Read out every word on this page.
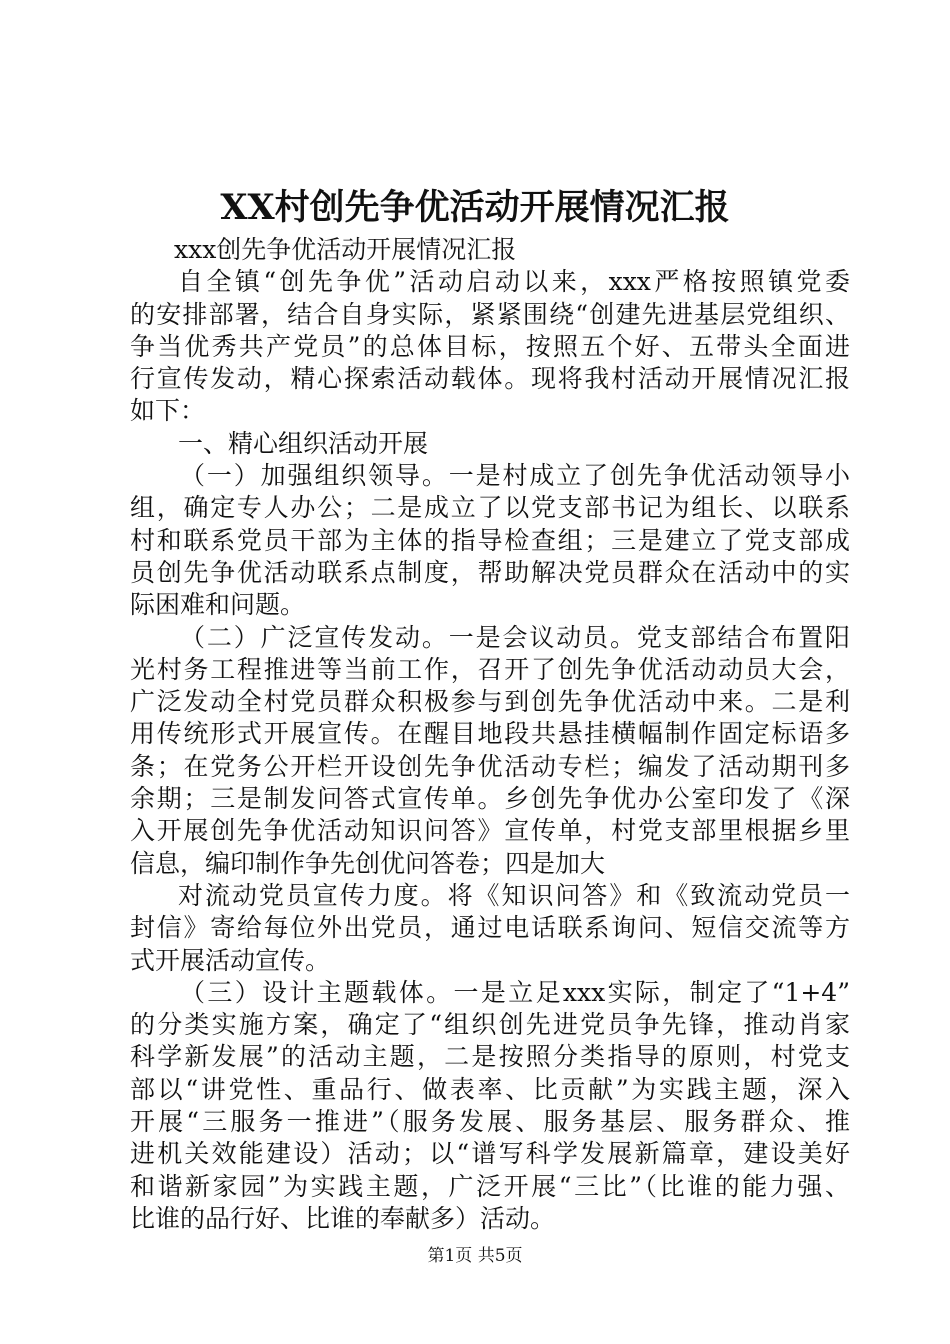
XX村创先争优活动开展情况汇报
xxx创先争优活动开展情况汇报
自全镇“创先争优”活动启动以来，xxx严格按照镇党委
的安排部署，结合自身实际，紧紧围绕“创建先进基层党组织、
争当优秀共产党员”的总体目标，按照五个好、五带头全面进
行宣传发动，精心探索活动载体。现将我村活动开展情况汇报
如下：
一、精心组织活动开展
（一）加强组织领导。一是村成立了创先争优活动领导小
组，确定专人办公；二是成立了以党支部书记为组长、以联系
村和联系党员干部为主体的指导检查组；三是建立了党支部成
员创先争优活动联系点制度，帮助解决党员群众在活动中的实
际困难和问题。
（二）广泛宣传发动。一是会议动员。党支部结合布置阳
光村务工程推进等当前工作，召开了创先争优活动动员大会，
广泛发动全村党员群众积极参与到创先争优活动中来。二是利
用传统形式开展宣传。在醒目地段共悬挂横幅制作固定标语多
条；在党务公开栏开设创先争优活动专栏；编发了活动期刊多
余期；三是制发问答式宣传单。乡创先争优办公室印发了《深
入开展创先争优活动知识问答》宣传单，村党支部里根据乡里
信息，编印制作争先创优问答卷；四是加大
对流动党员宣传力度。将《知识问答》和《致流动党员一
封信》寄给每位外出党员，通过电话联系询问、短信交流等方
式开展活动宣传。
（三）设计主题载体。一是立足xxx实际，制定了“1+4”
的分类实施方案，确定了“组织创先进党员争先锋，推动肖家
科学新发展”的活动主题，二是按照分类指导的原则，村党支
部以“讲党性、重品行、做表率、比贡献”为实践主题，深入
开展“三服务一推进”（服务发展、服务基层、服务群众、推
进机关效能建设）活动；以“谱写科学发展新篇章，建设美好
和谐新家园”为实践主题，广泛开展“三比”（比谁的能力强、
比谁的品行好、比谁的奉献多）活动。
第1页 共5页
